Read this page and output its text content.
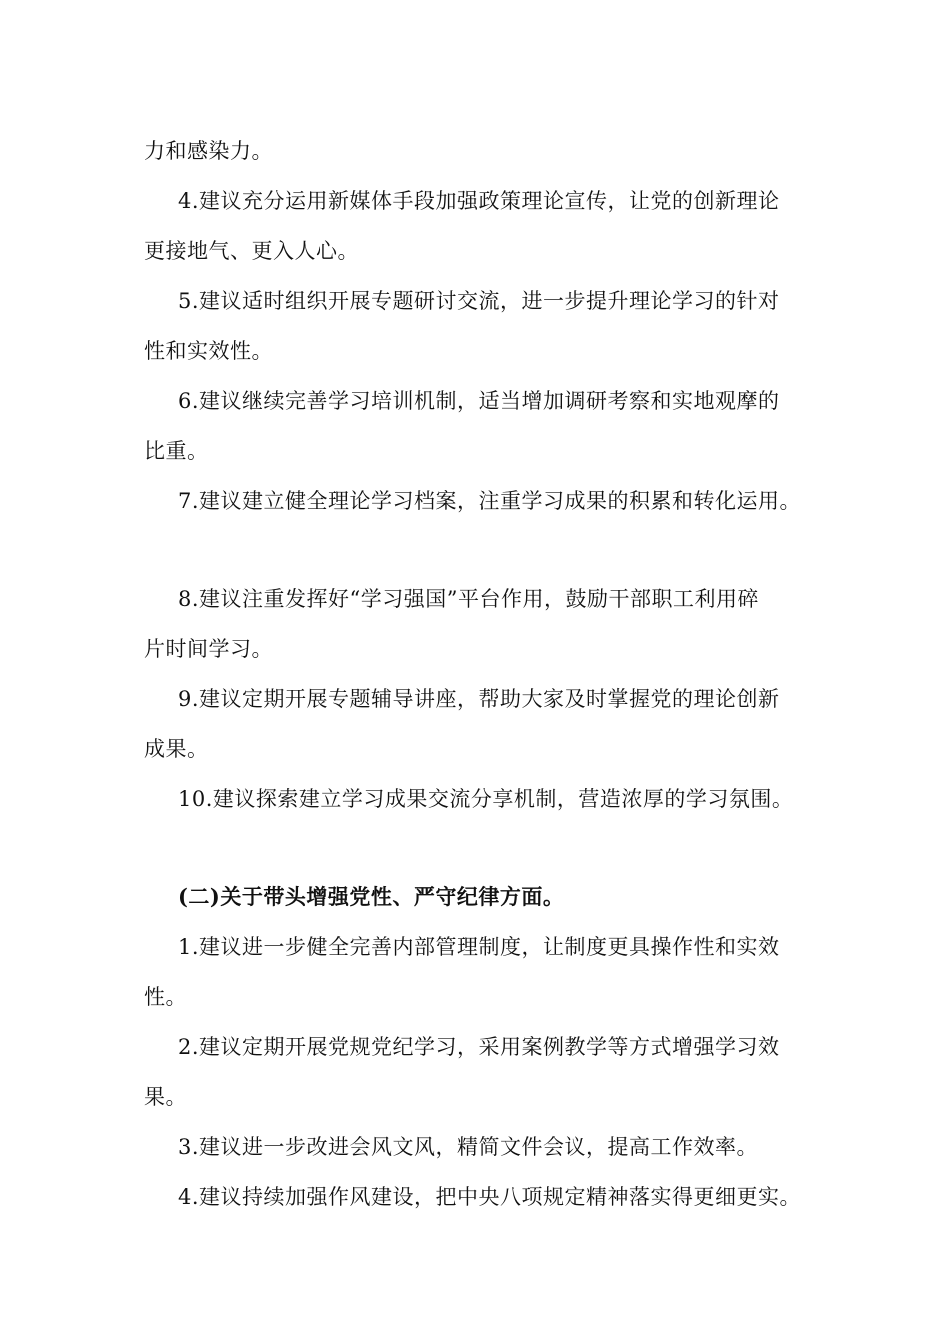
力和感染力。
4.建议充分运用新媒体手段加强政策理论宣传，让党的创新理论
更接地气、更入人心。
5.建议适时组织开展专题研讨交流，进一步提升理论学习的针对
性和实效性。
6.建议继续完善学习培训机制，适当增加调研考察和实地观摩的
比重。
7.建议建立健全理论学习档案，注重学习成果的积累和转化运用。
8.建议注重发挥好“学习强国”平台作用，鼓励干部职工利用碎
片时间学习。
9.建议定期开展专题辅导讲座，帮助大家及时掌握党的理论创新
成果。
10.建议探索建立学习成果交流分享机制，营造浓厚的学习氛围。
(二)关于带头增强党性、严守纪律方面。
1.建议进一步健全完善内部管理制度，让制度更具操作性和实效
性。
2.建议定期开展党规党纪学习，采用案例教学等方式增强学习效
果。
3.建议进一步改进会风文风，精简文件会议，提高工作效率。
4.建议持续加强作风建设，把中央八项规定精神落实得更细更实。
